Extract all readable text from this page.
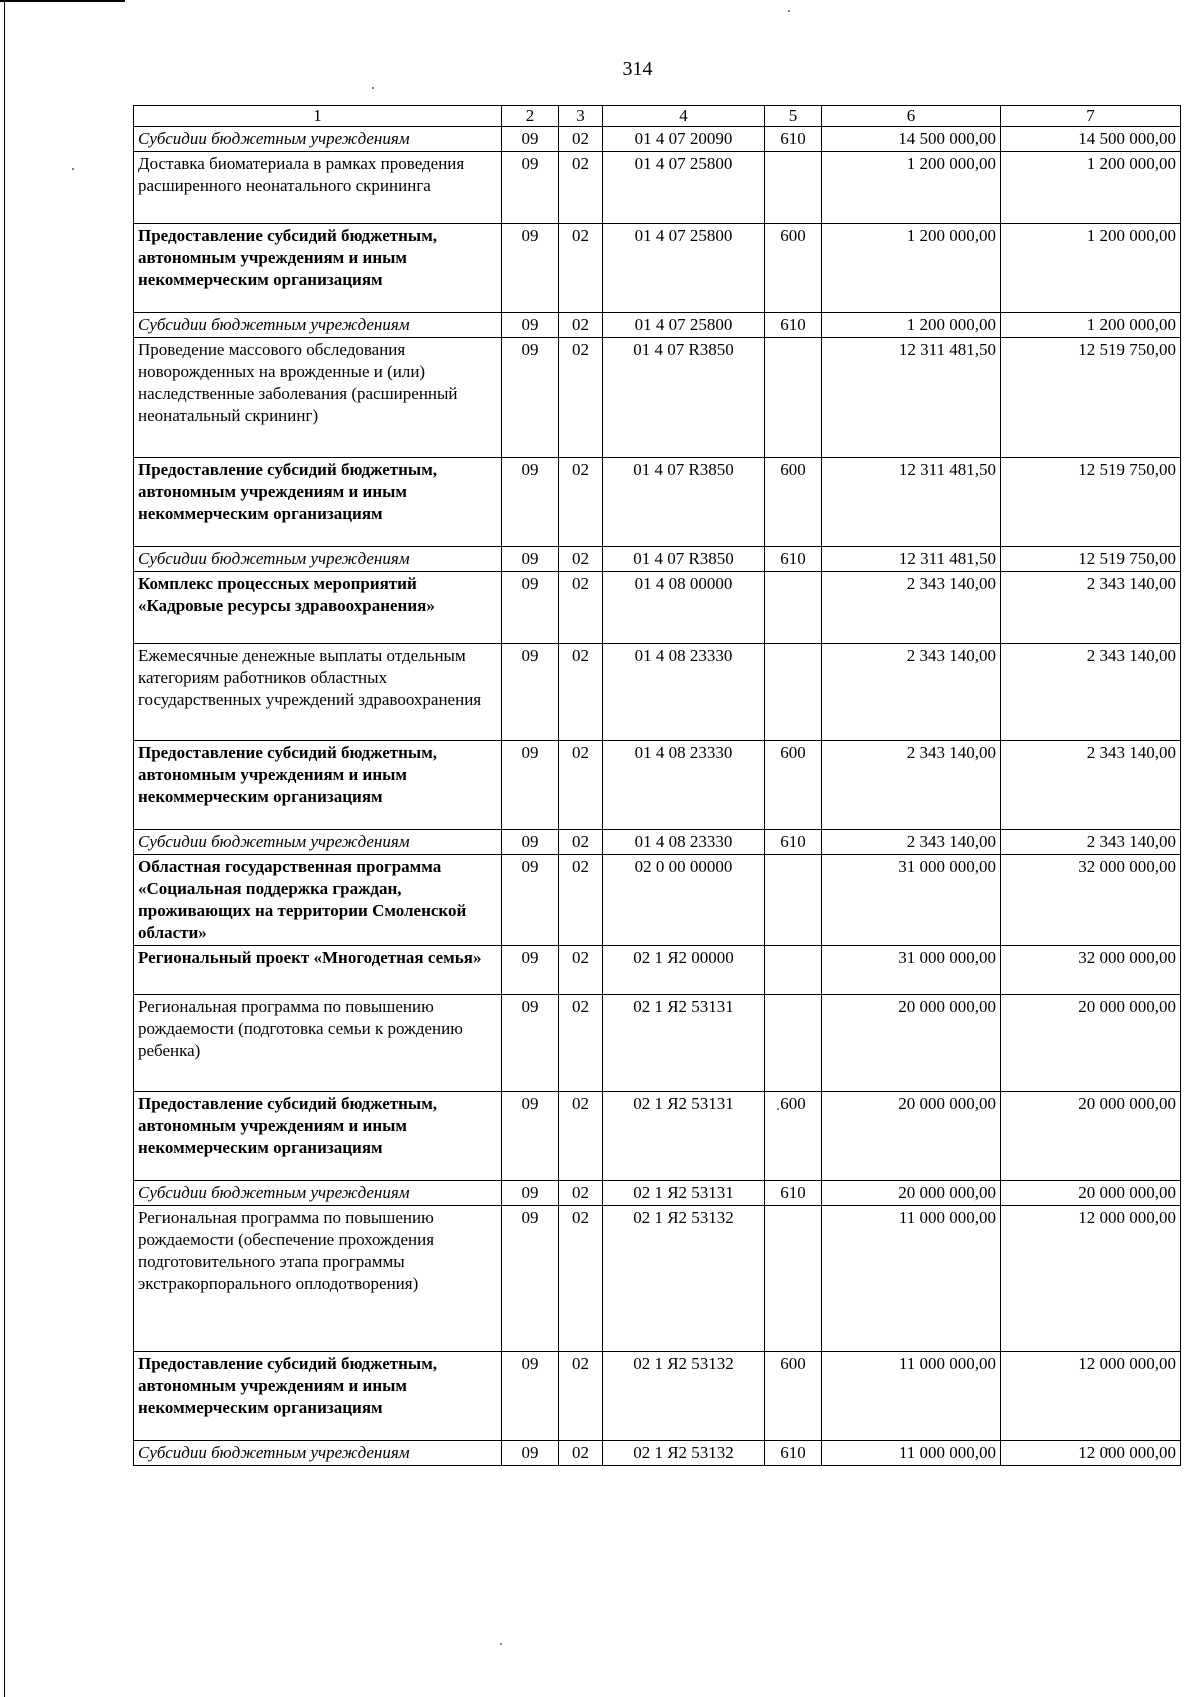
314
1	2	3	4	5	6	7
Субсидии бюджетным учреждениям	09	02	01 4 07 20090	610	14 500 000,00	14 500 000,00
Доставка биоматериала в рамках проведения расширенного неонатального скрининга	09	02	01 4 07 25800		1 200 000,00	1 200 000,00
Предоставление субсидий бюджетным, автономным учреждениям и иным некоммерческим организациям	09	02	01 4 07 25800	600	1 200 000,00	1 200 000,00
Субсидии бюджетным учреждениям	09	02	01 4 07 25800	610	1 200 000,00	1 200 000,00
Проведение массового обследования новорожденных на врожденные и (или) наследственные заболевания (расширенный неонатальный скрининг)	09	02	01 4 07 R3850		12 311 481,50	12 519 750,00
Предоставление субсидий бюджетным, автономным учреждениям и иным некоммерческим организациям	09	02	01 4 07 R3850	600	12 311 481,50	12 519 750,00
Субсидии бюджетным учреждениям	09	02	01 4 07 R3850	610	12 311 481,50	12 519 750,00
Комплекс процессных мероприятий «Кадровые ресурсы здравоохранения»	09	02	01 4 08 00000		2 343 140,00	2 343 140,00
Ежемесячные денежные выплаты отдельным категориям работников областных государственных учреждений здравоохранения	09	02	01 4 08 23330		2 343 140,00	2 343 140,00
Предоставление субсидий бюджетным, автономным учреждениям и иным некоммерческим организациям	09	02	01 4 08 23330	600	2 343 140,00	2 343 140,00
Субсидии бюджетным учреждениям	09	02	01 4 08 23330	610	2 343 140,00	2 343 140,00
Областная государственная программа «Социальная поддержка граждан, проживающих на территории Смоленской области»	09	02	02 0 00 00000		31 000 000,00	32 000 000,00
Региональный проект «Многодетная семья»	09	02	02 1 Я2 00000		31 000 000,00	32 000 000,00
Региональная программа по повышению рождаемости (подготовка семьи к рождению ребенка)	09	02	02 1 Я2 53131		20 000 000,00	20 000 000,00
Предоставление субсидий бюджетным, автономным учреждениям и иным некоммерческим организациям	09	02	02 1 Я2 53131	600	20 000 000,00	20 000 000,00
Субсидии бюджетным учреждениям	09	02	02 1 Я2 53131	610	20 000 000,00	20 000 000,00
Региональная программа по повышению рождаемости (обеспечение прохождения подготовительного этапа программы экстракорпорального оплодотворения)	09	02	02 1 Я2 53132		11 000 000,00	12 000 000,00
Предоставление субсидий бюджетным, автономным учреждениям и иным некоммерческим организациям	09	02	02 1 Я2 53132	600	11 000 000,00	12 000 000,00
Субсидии бюджетным учреждениям	09	02	02 1 Я2 53132	610	11 000 000,00	12 000 000,00
